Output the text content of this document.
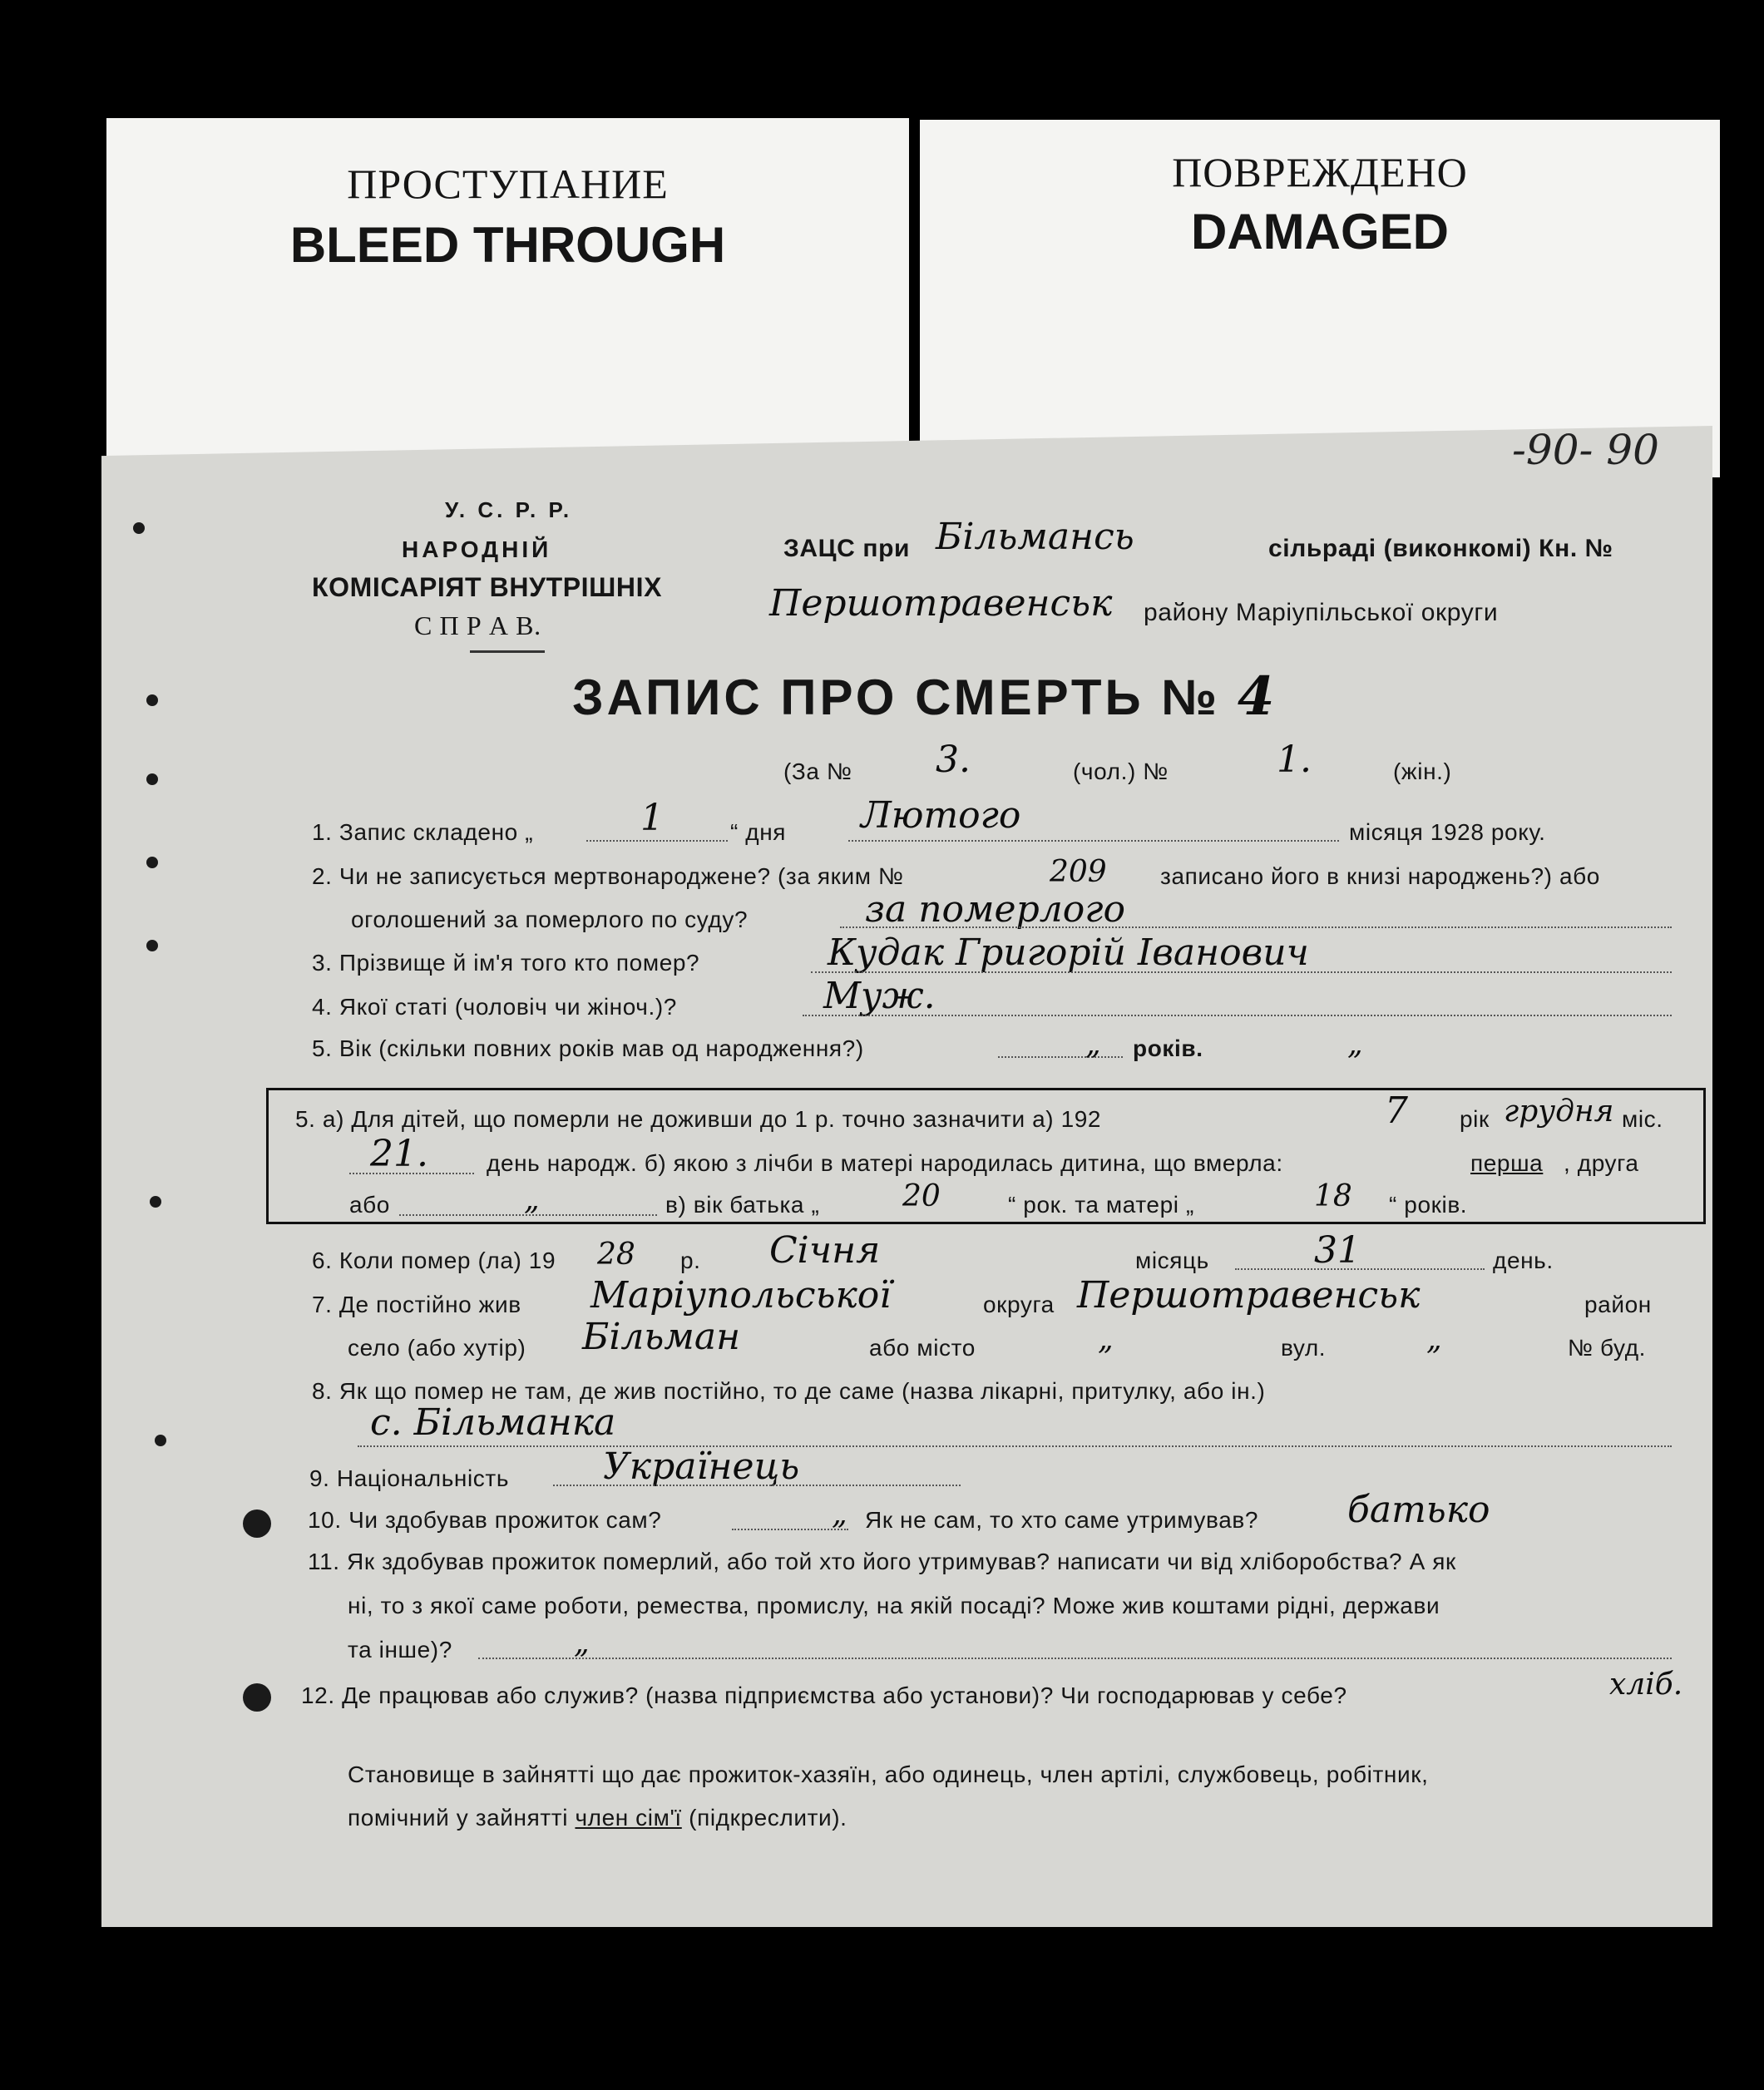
ПРОСТУПАНИЕ
BLEED THROUGH
ПОВРЕЖДЕНО
DAMAGED
-90- 90
У. С. Р. Р.
НАРОДНІЙ
КОМІСАРІЯТ ВНУТРІШНІХ
С П Р А В.
ЗАЦС при Більмансь	сільраді (виконкомі) Кн. №
Першотравенськ району Маріупільської округи
ЗАПИС ПРО СМЕРТЬ № 4
(За № 3.	(чол.) №	1.	(жін.)
1. Запис складено „	1	“ дня Лютого	місяця 1928 року.
2. Чи не записується мертвонароджене? (за яким №	209 записано його в книзі народжень?) або
оголошений за померлого по суду?	за померлого
3. Прізвище й ім'я того кто помер?	Кудак Григорій Іванович
4. Якої статі (чоловіч чи жіноч.)?	Муж.
5. Вік (скільки повних років мав од народження?)	„ років.	„
5. а) Для дітей, що померли не доживши до 1 р. точно зазначити а) 192	7 рік грудня міс.
21.	день народж. б) якою з лічби в матері народилась дитина, що вмерла:	перша , друга
або	„	в) вік батька „	20	“ рок. та матері „	18 “ років.
6. Коли помер (ла) 19 28 р. Січня	місяць	31	день.
7. Де постійно жив Маріупольської	округа Першотравенськ	район
село (або хутір) Більман	або місто	„	вул.	„	№ буд.
8. Як що помер не там, де жив постійно, то де саме (назва лікарні, притулку, або ін.)
с. Більманка
9. Національність	Українець
10. Чи здобував прожиток сам?	„ Як не сам, то хто саме утримував? батько
11. Як здобував прожиток померлий, або той хто його утримував? написати чи від хліборобства? А як
ні, то з якої саме роботи, ремества, промислу, на якій посаді? Може жив коштами рідні, держави
та інше)?	„
12. Де працював або служив? (назва підприємства або установи)? Чи господарював у себе?	хліб.
Становище в зайнятті що дає прожиток-хазяїн, або одинець, член артілі, службовець, робітник,
помічний у зайнятті член сім'ї (підкреслити).
